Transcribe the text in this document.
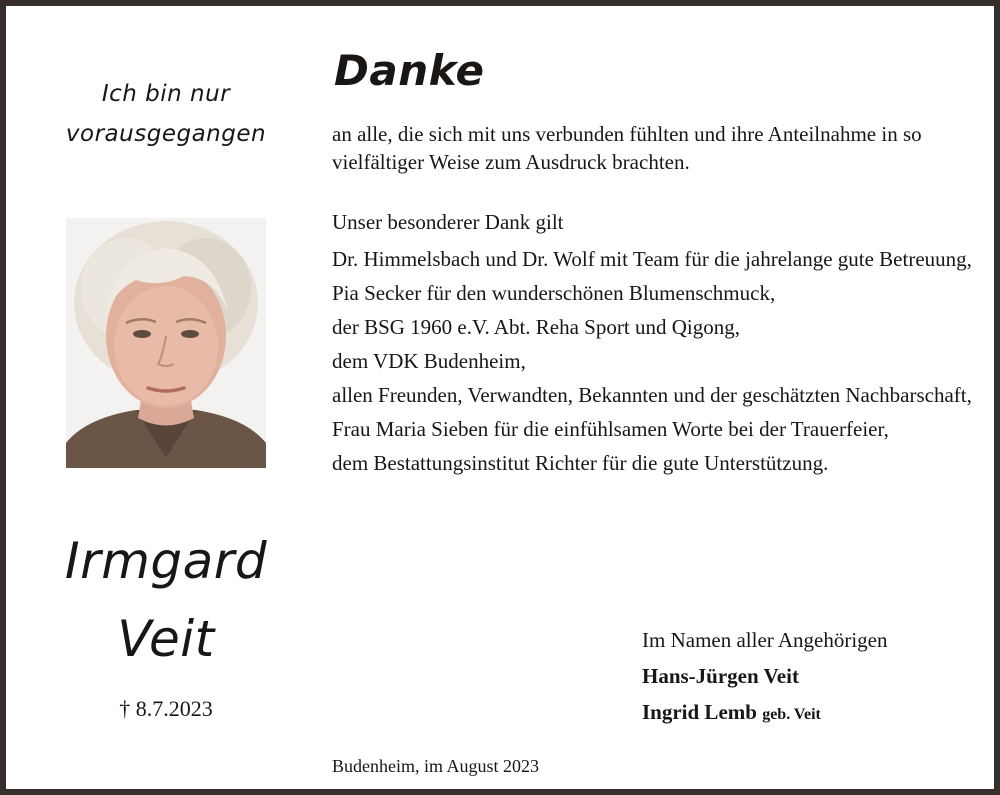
Ich bin nur
vorausgegangen
Irmgard
Veit
† 8.7.2023
Danke
an alle, die sich mit uns verbunden fühlten und ihre Anteilnahme in so vielfältiger Weise zum Ausdruck brachten.
Unser besonderer Dank gilt
Dr. Himmelsbach und Dr. Wolf mit Team für die jahrelange gute Betreuung,
Pia Secker für den wunderschönen Blumenschmuck,
der BSG 1960 e.V. Abt. Reha Sport und Qigong,
dem VDK Budenheim,
allen Freunden, Verwandten, Bekannten und der geschätzten Nachbarschaft,
Frau Maria Sieben für die einfühlsamen Worte bei der Trauerfeier,
dem Bestattungsinstitut Richter für die gute Unterstützung.
Im Namen aller Angehörigen
Hans-Jürgen Veit
Ingrid Lemb geb. Veit
Budenheim, im August 2023
